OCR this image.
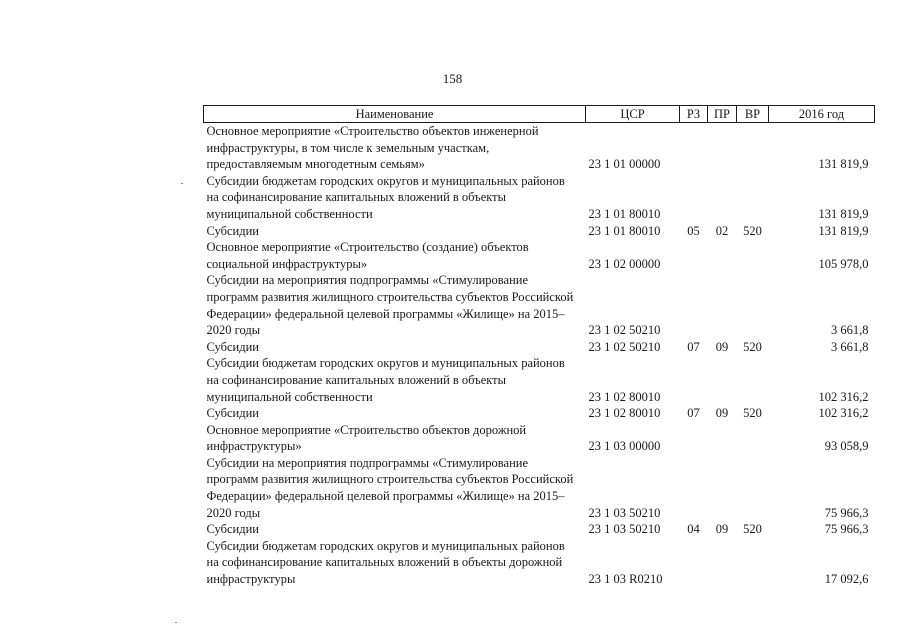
158
Наименование	ЦСР	РЗ	ПР	ВР	2016 год

Основное мероприятие «Строительство объектов инженерной
инфраструктуры, в том числе к земельным участкам,
предоставляемым многодетным семьям»	23 1 01 00000				131 819,9

Субсидии бюджетам городских округов и муниципальных районов
на софинансирование капитальных вложений в объекты
муниципальной собственности	23 1 01 80010				131 819,9

Субсидии	23 1 01 80010	05	02	520	131 819,9

Основное мероприятие «Строительство (создание) объектов
социальной инфраструктуры»	23 1 02 00000				105 978,0

Субсидии на мероприятия подпрограммы «Стимулирование
программ развития жилищного строительства субъектов Российской
Федерации» федеральной целевой программы «Жилище» на 2015–
2020 годы	23 1 02 50210				3 661,8

Субсидии	23 1 02 50210	07	09	520	3 661,8

Субсидии бюджетам городских округов и муниципальных районов
на софинансирование капитальных вложений в объекты
муниципальной собственности	23 1 02 80010				102 316,2

Субсидии	23 1 02 80010	07	09	520	102 316,2

Основное мероприятие «Строительство объектов дорожной
инфраструктуры»	23 1 03 00000				93 058,9

Субсидии на мероприятия подпрограммы «Стимулирование
программ развития жилищного строительства субъектов Российской
Федерации» федеральной целевой программы «Жилище» на 2015–
2020 годы	23 1 03 50210				75 966,3

Субсидии	23 1 03 50210	04	09	520	75 966,3

Субсидии бюджетам городских округов и муниципальных районов
на софинансирование капитальных вложений в объекты дорожной
инфраструктуры	23 1 03 R0210				17 092,6
